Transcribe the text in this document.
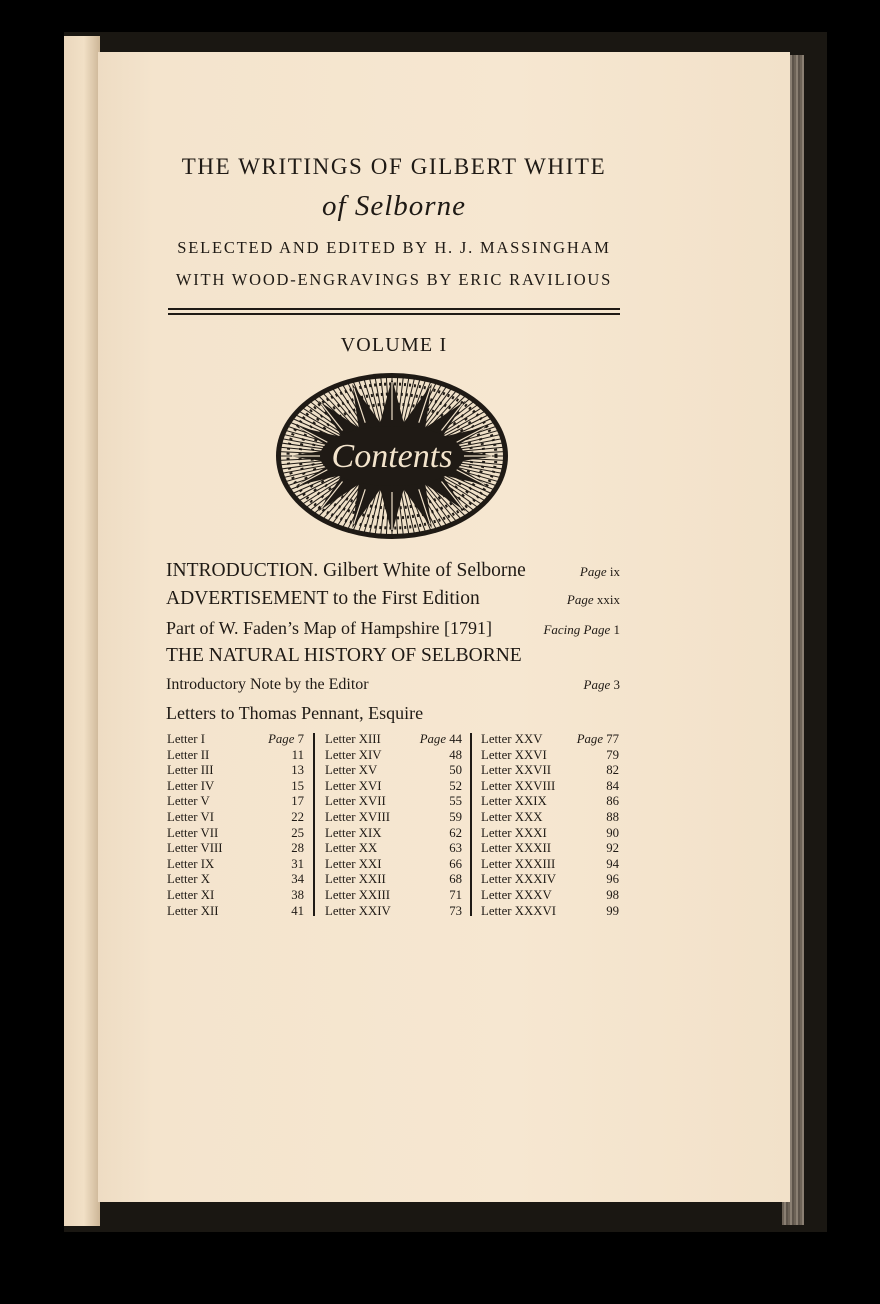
THE WRITINGS OF GILBERT WHITE
of Selborne
SELECTED AND EDITED BY H. J. MASSINGHAM
WITH WOOD-ENGRAVINGS BY ERIC RAVILIOUS
VOLUME I
Contents
INTRODUCTION. Gilbert White of Selborne	Page ix
ADVERTISEMENT to the First Edition	Page xxix
Part of W. Faden’s Map of Hampshire [1791]	Facing Page 1
THE NATURAL HISTORY OF SELBORNE
Introductory Note by the Editor	Page 3
Letters to Thomas Pennant, Esquire
Letter I	Page 7
Letter II	11
Letter III	13
Letter IV	15
Letter V	17
Letter VI	22
Letter VII	25
Letter VIII	28
Letter IX	31
Letter X	34
Letter XI	38
Letter XII	41
Letter XIII	Page 44
Letter XIV	48
Letter XV	50
Letter XVI	52
Letter XVII	55
Letter XVIII	59
Letter XIX	62
Letter XX	63
Letter XXI	66
Letter XXII	68
Letter XXIII	71
Letter XXIV	73
Letter XXV	Page 77
Letter XXVI	79
Letter XXVII	82
Letter XXVIII	84
Letter XXIX	86
Letter XXX	88
Letter XXXI	90
Letter XXXII	92
Letter XXXIII	94
Letter XXXIV	96
Letter XXXV	98
Letter XXXVI	99
